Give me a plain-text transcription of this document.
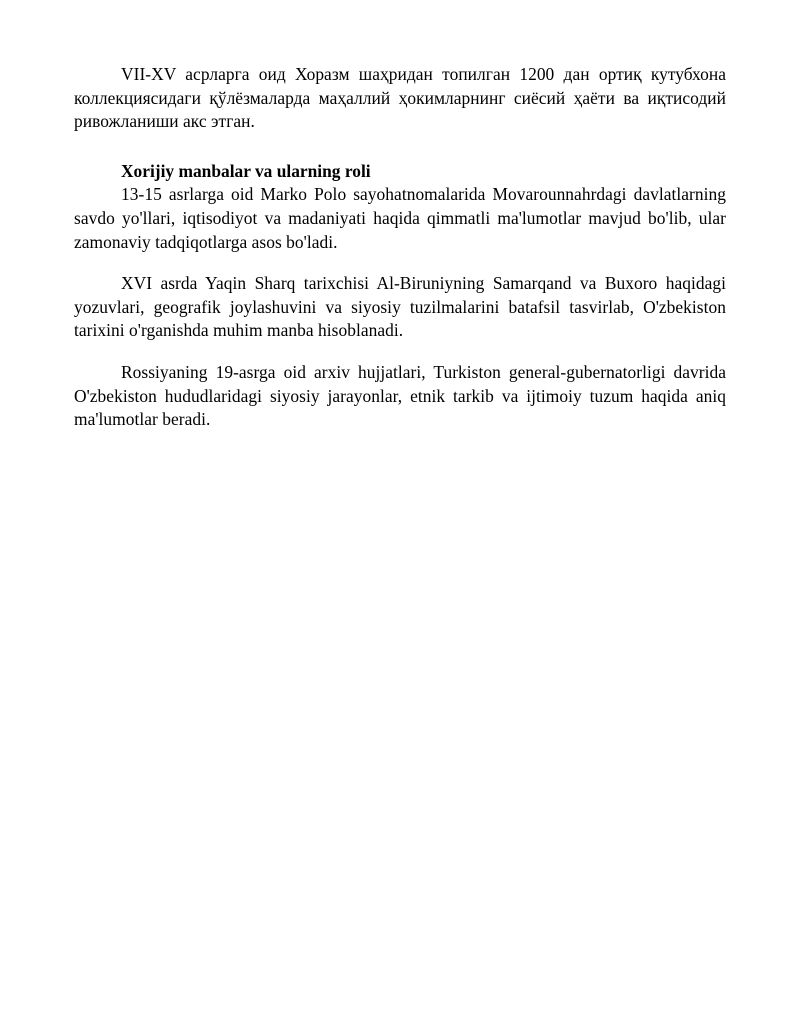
VII-XV асрларга оид Хоразм шаҳридан топилган 1200 дан ортиқ кутубхона коллекциясидаги қўлёзмаларда маҳаллий ҳокимларнинг сиёсий ҳаёти ва иқтисодий ривожланиши акс этган.

Xorijiy manbalar va ularning roli

13-15 asrlarga oid Marko Polo sayohatnomalarida Movarounnahrdagi davlatlarning savdo yo'llari, iqtisodiyot va madaniyati haqida qimmatli ma'lumotlar mavjud bo'lib, ular zamonaviy tadqiqotlarga asos bo'ladi.

XVI asrda Yaqin Sharq tarixchisi Al-Biruniyning Samarqand va Buxoro haqidagi yozuvlari, geografik joylashuvini va siyosiy tuzilmalarini batafsil tasvirlab, O'zbekiston tarixini o'rganishda muhim manba hisoblanadi.

Rossiyaning 19-asrga oid arxiv hujjatlari, Turkiston general-gubernatorligi davrida O'zbekiston hududlaridagi siyosiy jarayonlar, etnik tarkib va ijtimoiy tuzum haqida aniq ma'lumotlar beradi.
